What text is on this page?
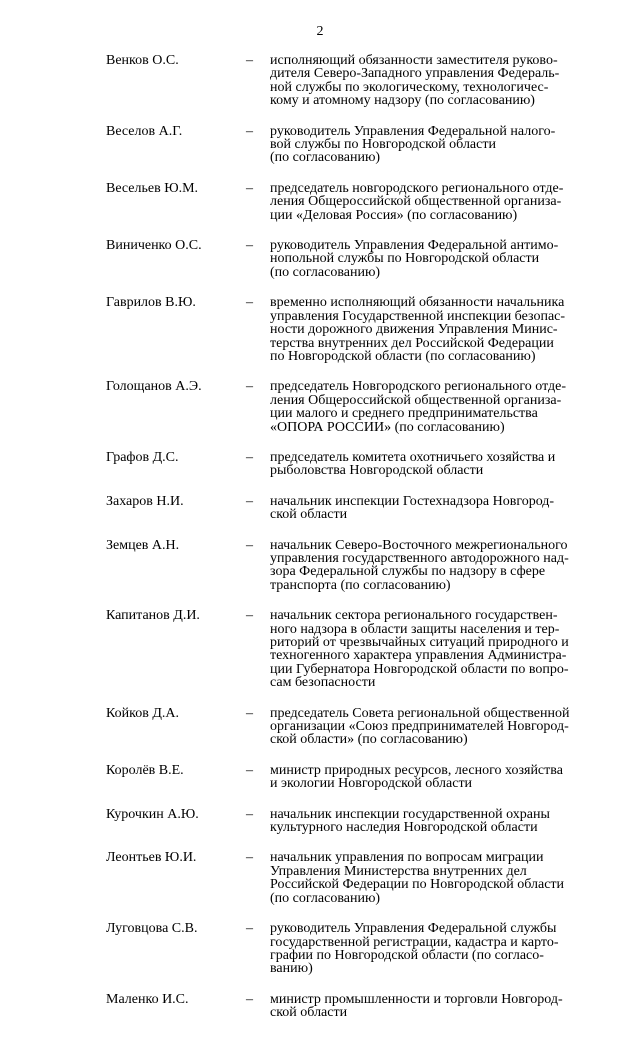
2
Венков О.С.	– исполняющий обязанности заместителя руково-
дителя Северо-Западного управления Федераль-
ной службы по экологическому, технологичес-
кому и атомному надзору (по согласованию)
Веселов А.Г.	– руководитель Управления Федеральной налого-
вой службы по Новгородской области
(по согласованию)
Весельев Ю.М.	– председатель новгородского регионального отде-
ления Общероссийской общественной организа-
ции «Деловая Россия» (по согласованию)
Виниченко О.С.	– руководитель Управления Федеральной антимо-
нопольной службы по Новгородской области
(по согласованию)
Гаврилов В.Ю.	– временно исполняющий обязанности начальника
управления Государственной инспекции безопас-
ности дорожного движения Управления Минис-
терства внутренних дел Российской Федерации
по Новгородской области (по согласованию)
Голощанов А.Э.	– председатель Новгородского регионального отде-
ления Общероссийской общественной организа-
ции малого и среднего предпринимательства
«ОПОРА РОССИИ» (по согласованию)
Графов Д.С.	– председатель комитета охотничьего хозяйства и
рыболовства Новгородской области
Захаров Н.И.	– начальник инспекции Гостехнадзора Новгород-
ской области
Земцев А.Н.	– начальник Северо-Восточного межрегионального
управления государственного автодорожного над-
зора Федеральной службы по надзору в сфере
транспорта (по согласованию)
Капитанов Д.И.	– начальник сектора регионального государствен-
ного надзора в области защиты населения и тер-
риторий от чрезвычайных ситуаций природного и
техногенного характера управления Администра-
ции Губернатора Новгородской области по вопро-
сам безопасности
Койков Д.А.	– председатель Совета региональной общественной
организации «Союз предпринимателей Новгород-
ской области» (по согласованию)
Королёв В.Е.	– министр природных ресурсов, лесного хозяйства
и экологии Новгородской области
Курочкин А.Ю.	– начальник инспекции государственной охраны
культурного наследия Новгородской области
Леонтьев Ю.И.	– начальник управления по вопросам миграции
Управления Министерства внутренних дел
Российской Федерации по Новгородской области
(по согласованию)
Луговцова С.В.	– руководитель Управления Федеральной службы
государственной регистрации, кадастра и карто-
графии по Новгородской области (по согласо-
ванию)
Маленко И.С.	– министр промышленности и торговли Новгород-
ской области
